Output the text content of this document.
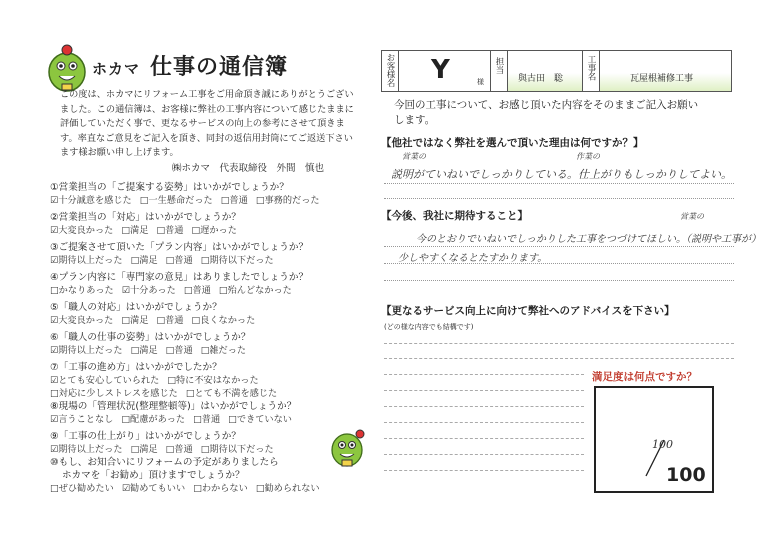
ホカマ 仕事の通信簿
この度は、ホカマにリフォーム工事をご用命頂き誠にありがとうございました。この通信簿は、お客様に弊社の工事内容について感じたままに評価していただく事で、更なるサービスの向上の参考にさせて頂きます。率直なご意見をご記入を頂き、同封の返信用封筒にてご返送下さいます様お願い申し上げます。
㈱ホカマ　代表取締役　外間　慎也
①営業担当の「ご提案する姿勢」はいかがでしょうか？
☑十分誠意を感じた □一生懸命だった □普通 □事務的だった
②営業担当の「対応」はいかがでしょうか？
☑大変良かった □満足 □普通 □遅かった
③ご提案させて頂いた「プラン内容」はいかがでしょうか？
☑期待以上だった □満足 □普通 □期待以下だった
④プラン内容に「専門家の意見」はありましたでしょうか？
□かなりあった ☑十分あった □普通 □殆んどなかった
⑤「職人の対応」はいかがでしょうか？
☑大変良かった □満足 □普通 □良くなかった
⑥「職人の仕事の姿勢」はいかがでしょうか？
☑期待以上だった □満足 □普通 □雑だった
⑦「工事の進め方」はいかがでしたか？
☑とても安心していられた □特に不安はなかった
□対応に少しストレスを感じた □とても不満を感じた
⑧現場の「管理状況(整理整頓等)」はいかがでしょうか？
☑言うことなし □配慮があった □普通 □できていない
⑨「工事の仕上がり」はいかがでしょうか？
☑期待以上だった □満足 □普通 □期待以下だった
⑩もし、お知合いにリフォームの予定がありましたら
ホカマを「お勧め」頂けますでしょうか？
□ぜひ勧めたい ☑勧めてもいい □わからない □勧められない
お客様名 Y	様
担当
與古田　聡	工事名	瓦屋根補修工事
今回の工事について、お感じ頂いた内容をそのままご記入お願いします。
【他社ではなく弊社を選んで頂いた理由は何ですか？】
営業の	作業の
説明がていねいでしっかりしている。仕上がりもしっかりしてよい。
【今後、我社に期待すること】	営業の
今のとおりでいねいでしっかりした工事をつづけてほしい。（説明や工事が）
少しやすくなるとたすかります。
【更なるサービス向上に向けて弊社へのアドバイスを下さい】
(どの様な内容でも結構です)
満足度は何点ですか？
100
100
